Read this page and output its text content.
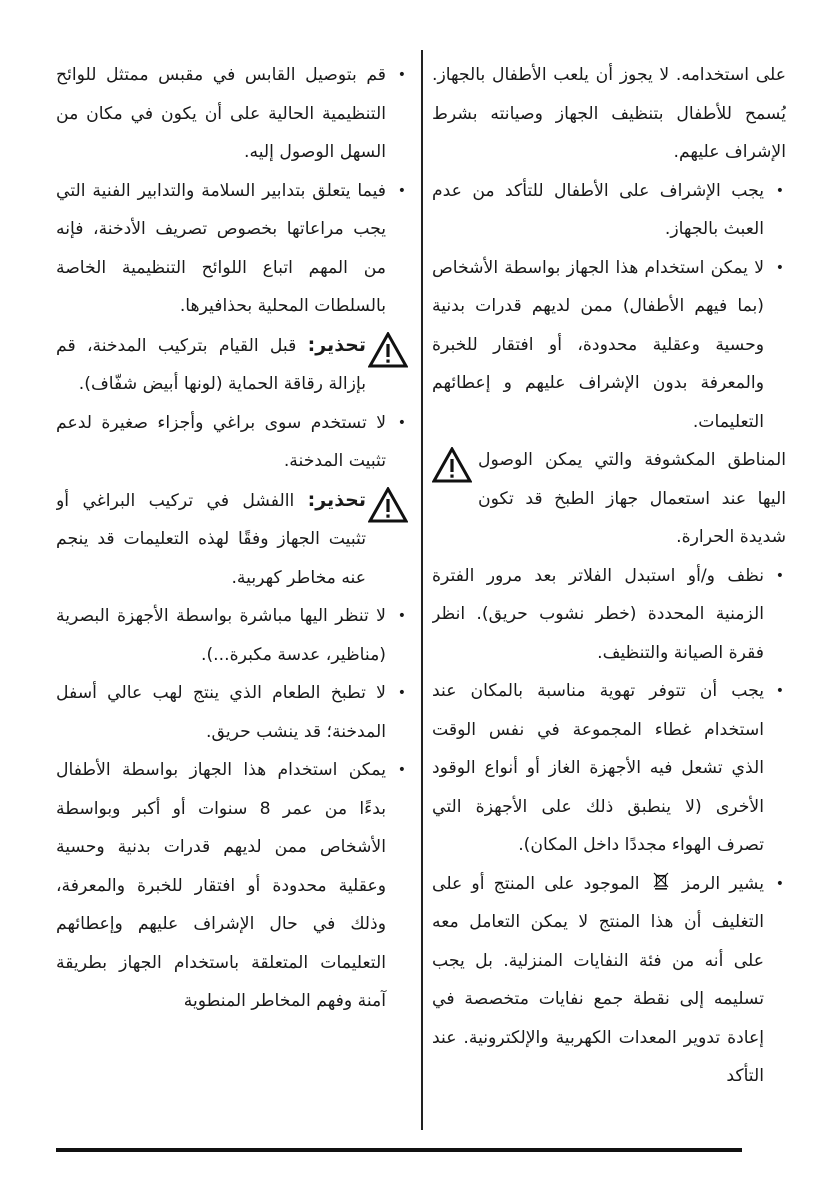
على استخدامه. لا يجوز أن يلعب الأطفال بالجهاز. يُسمح للأطفال بتنظيف الجهاز وصيانته بشرط الإشراف عليهم.

•
يجب الإشراف على الأطفال للتأكد من عدم العبث بالجهاز.

•
لا يمكن استخدام هذا الجهاز بواسطة الأشخاص (بما فيهم الأطفال) ممن لديهم قدرات بدنية وحسية وعقلية محدودة، أو افتقار للخبرة والمعرفة بدون الإشراف عليهم و إعطائهم التعليمات.

المناطق المكشوفة والتي يمكن الوصول اليها عند استعمال جهاز الطبخ قد تكون شديدة الحرارة.

•
نظف و/أو استبدل الفلاتر بعد مرور الفترة الزمنية المحددة (خطر نشوب حريق). انظر فقرة الصيانة والتنظيف.

•
يجب أن تتوفر تهوية مناسبة بالمكان عند استخدام غطاء المجموعة في نفس الوقت الذي تشعل فيه الأجهزة الغاز أو أنواع الوقود الأخرى (لا ينطبق ذلك على الأجهزة التي تصرف الهواء مجددًا داخل المكان).

•
يشير الرمز  الموجود على المنتج أو على التغليف أن هذا المنتج لا يمكن التعامل معه على أنه من فئة النفايات المنزلية. بل يجب تسليمه إلى نقطة جمع نفايات متخصصة في إعادة تدوير المعدات الكهربية والإلكترونية. عند التأكد

•
قم بتوصيل القابس في مقبس ممتثل للوائح التنظيمية الحالية على أن يكون في مكان من السهل الوصول إليه.

•
فيما يتعلق بتدابير السلامة والتدابير الفنية التي يجب مراعاتها بخصوص تصريف الأدخنة، فإنه من المهم اتباع اللوائح التنظيمية الخاصة بالسلطات المحلية بحذافيرها.

تحذير: قبل القيام بتركيب المدخنة، قم بإزالة رقاقة الحماية (لونها أبيض شفّاف).

•
لا تستخدم سوى براغي وأجزاء صغيرة لدعم تثبيت المدخنة.

تحذير: االفشل في تركيب البراغي أو تثبيت الجهاز وفقًا لهذه التعليمات قد ينجم عنه مخاطر كهربية.

•
لا تنظر اليها مباشرة بواسطة الأجهزة البصرية (مناظير، عدسة مكبرة...).

•
لا تطبخ الطعام الذي ينتج لهب عالي أسفل المدخنة؛ قد ينشب حريق.

•
يمكن استخدام هذا الجهاز بواسطة الأطفال بدءًا من عمر 8 سنوات أو أكبر وبواسطة الأشخاص ممن لديهم قدرات بدنية وحسية وعقلية محدودة أو افتقار للخبرة والمعرفة، وذلك في حال الإشراف عليهم وإعطائهم التعليمات المتعلقة باستخدام الجهاز بطريقة آمنة وفهم المخاطر المنطوية
